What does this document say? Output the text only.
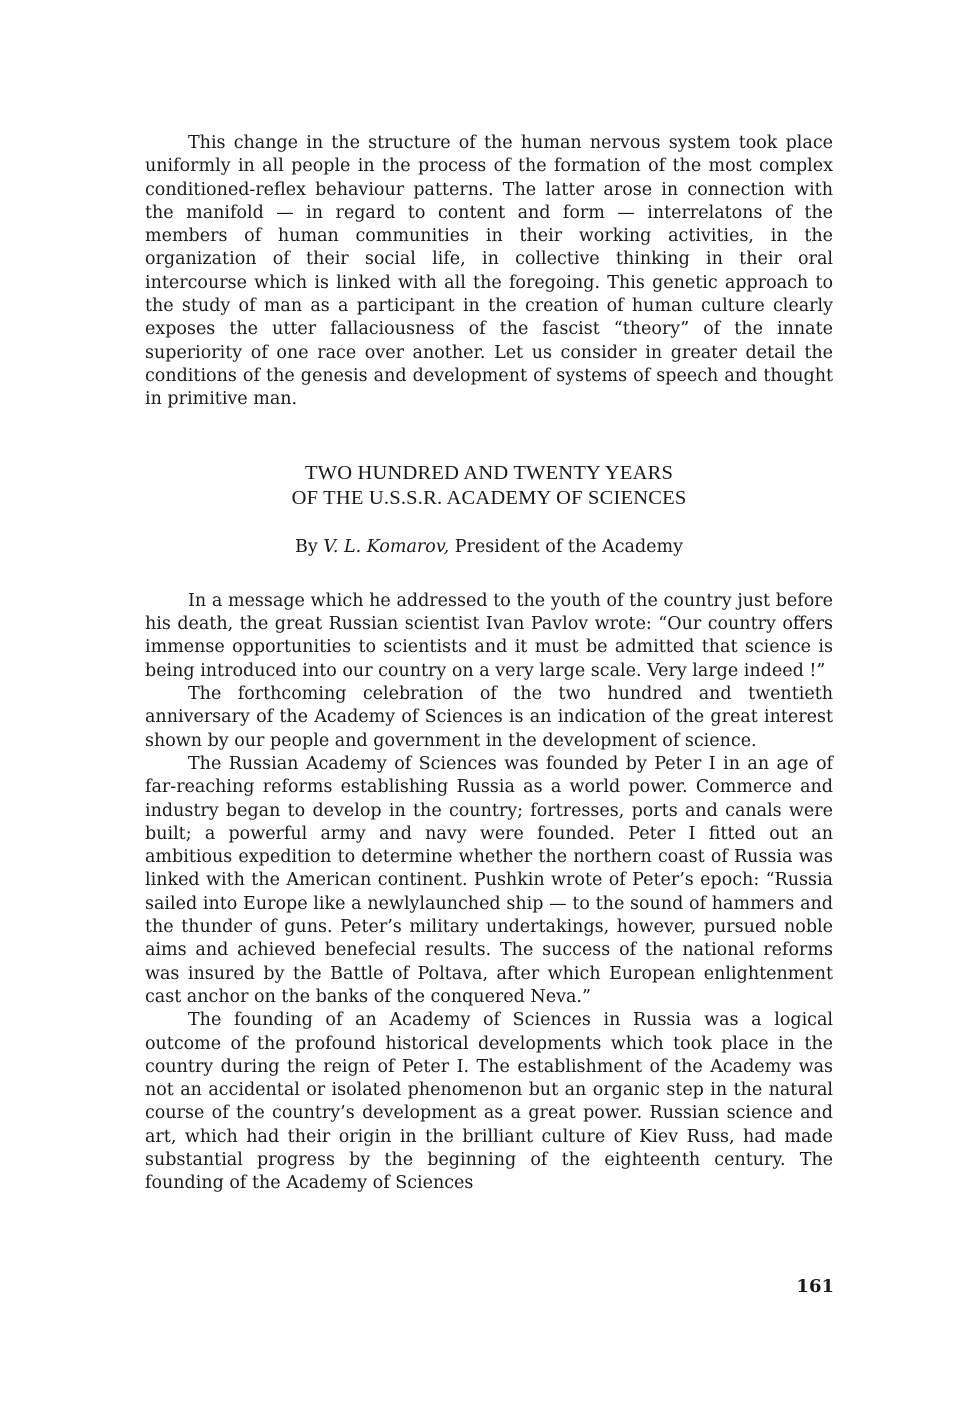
This change in the structure of the human nervous system took place uniformly in all people in the process of the formation of the most complex conditioned-reflex behaviour patterns. The latter arose in connection with the manifold — in regard to content and form — interrelatons of the members of human communities in their working activities, in the organization of their social life, in collective thinking in their oral intercourse which is linked with all the foregoing. This genetic approach to the study of man as a participant in the creation of human culture clearly exposes the utter fallaciousness of the fascist “theory” of the innate superiority of one race over another. Let us consider in greater detail the conditions of the genesis and development of systems of speech and thought in primitive man.

TWO HUNDRED AND TWENTY YEARS

OF THE U.S.S.R. ACADEMY OF SCIENCES

By V. L. Komarov, President of the Academy

In a message which he addressed to the youth of the country just before his death, the great Russian scientist Ivan Pavlov wrote: “Our country offers immense opportunities to scientists and it must be admitted that science is being introduced into our country on a very large scale. Very large indeed !”

The forthcoming celebration of the two hundred and twentieth anniversary of the Academy of Sciences is an indication of the great interest shown by our people and government in the development of science.

The Russian Academy of Sciences was founded by Peter I in an age of far-reaching reforms establishing Russia as a world power. Commerce and industry began to develop in the country; fortresses, ports and canals were built; a powerful army and navy were founded. Peter I fitted out an ambitious expedition to determine whether the northern coast of Russia was linked with the American continent. Pushkin wrote of Peter’s epoch: “Russia sailed into Europe like a newlylaunched ship — to the sound of hammers and the thunder of guns. Peter’s military undertakings, however, pursued noble aims and achieved benefecial results. The success of the national reforms was insured by the Battle of Poltava, after which European enlightenment cast anchor on the banks of the conquered Neva.”

The founding of an Academy of Sciences in Russia was a logical outcome of the profound historical developments which took place in the country during the reign of Peter I. The establishment of the Academy was not an accidental or isolated phenomenon but an organic step in the natural course of the country’s development as a great power. Russian science and art, which had their origin in the brilliant culture of Kiev Russ, had made substantial progress by the beginning of the eighteenth century. The founding of the Academy of Sciences

161
